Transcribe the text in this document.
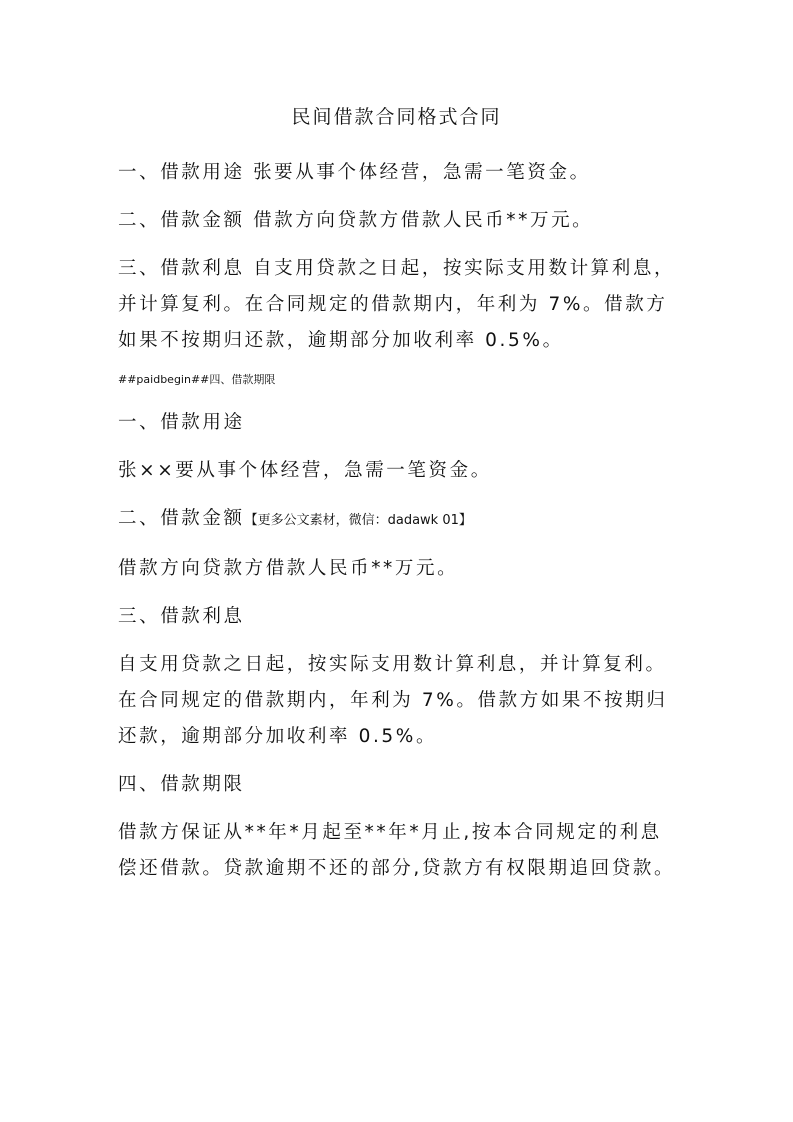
民间借款合同格式合同
一、借款用途 张要从事个体经营，急需一笔资金。
二、借款金额 借款方向贷款方借款人民币**万元。
三、借款利息 自支用贷款之日起，按实际支用数计算利息，
并计算复利。在合同规定的借款期内，年利为 7%。借款方
如果不按期归还款，逾期部分加收利率 0.5%。
##paidbegin##四、借款期限
一、借款用途
张××要从事个体经营，急需一笔资金。
二、借款金额【更多公文素材，微信：dadawk 01】
借款方向贷款方借款人民币**万元。
三、借款利息
自支用贷款之日起，按实际支用数计算利息，并计算复利。
在合同规定的借款期内，年利为 7%。借款方如果不按期归
还款，逾期部分加收利率 0.5%。
四、借款期限
借款方保证从**年*月起至**年*月止,按本合同规定的利息
偿还借款。贷款逾期不还的部分,贷款方有权限期追回贷款。
